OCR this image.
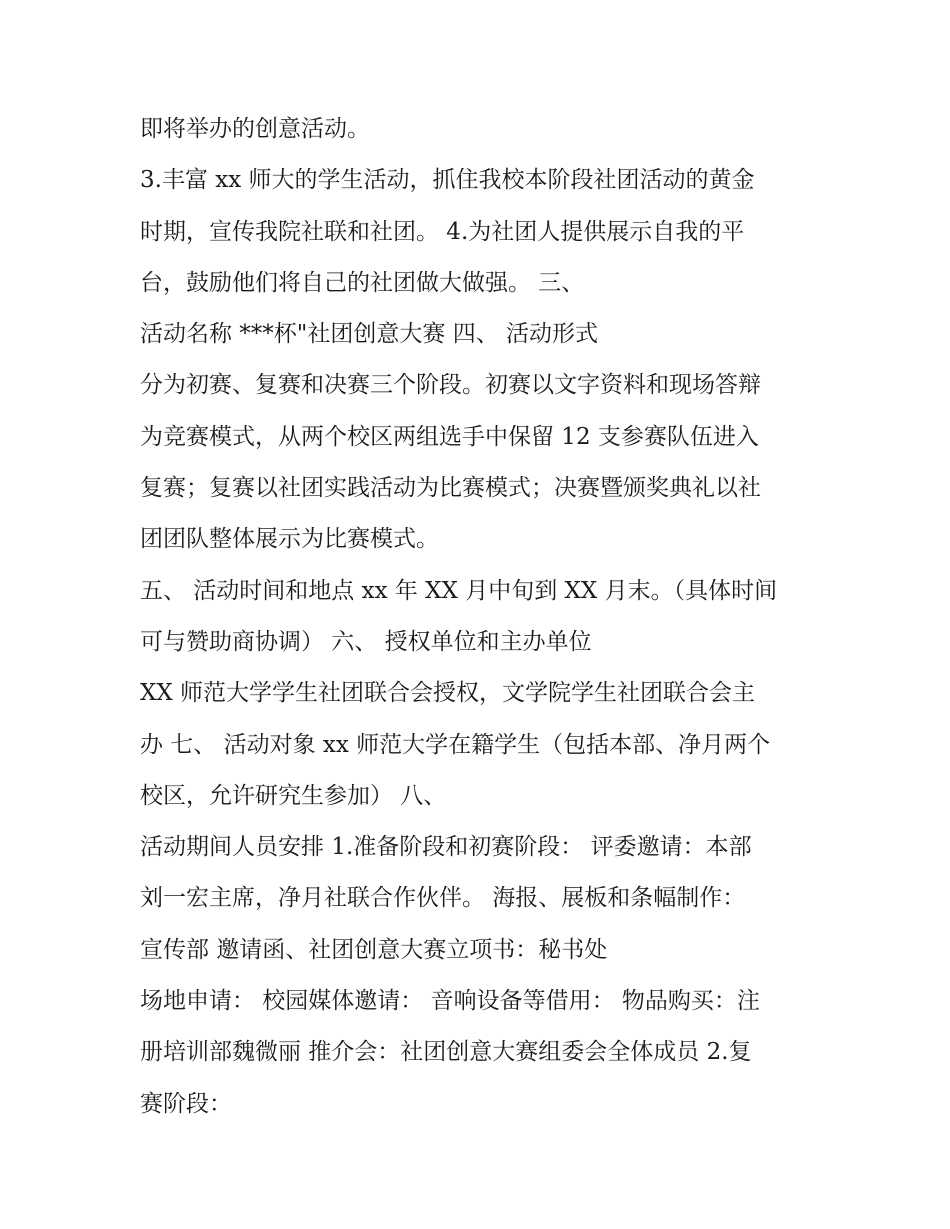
即将举办的创意活动。
3.丰富 xx 师大的学生活动，抓住我校本阶段社团活动的黄金
时期，宣传我院社联和社团。 4.为社团人提供展示自我的平
台，鼓励他们将自己的社团做大做强。 三、
活动名称 ***杯"社团创意大赛 四、 活动形式
分为初赛、复赛和决赛三个阶段。初赛以文字资料和现场答辩
为竞赛模式，从两个校区两组选手中保留 12 支参赛队伍进入
复赛；复赛以社团实践活动为比赛模式；决赛暨颁奖典礼以社
团团队整体展示为比赛模式。
五、 活动时间和地点 xx 年 XX 月中旬到 XX 月末。（具体时间
可与赞助商协调） 六、 授权单位和主办单位
XX 师范大学学生社团联合会授权，文学院学生社团联合会主
办 七、 活动对象 xx 师范大学在籍学生（包括本部、净月两个
校区，允许研究生参加） 八、
活动期间人员安排 1.准备阶段和初赛阶段： 评委邀请：本部
刘一宏主席，净月社联合作伙伴。 海报、展板和条幅制作：
宣传部 邀请函、社团创意大赛立项书：秘书处
场地申请： 校园媒体邀请： 音响设备等借用： 物品购买：注
册培训部魏微丽 推介会：社团创意大赛组委会全体成员 2.复
赛阶段：
